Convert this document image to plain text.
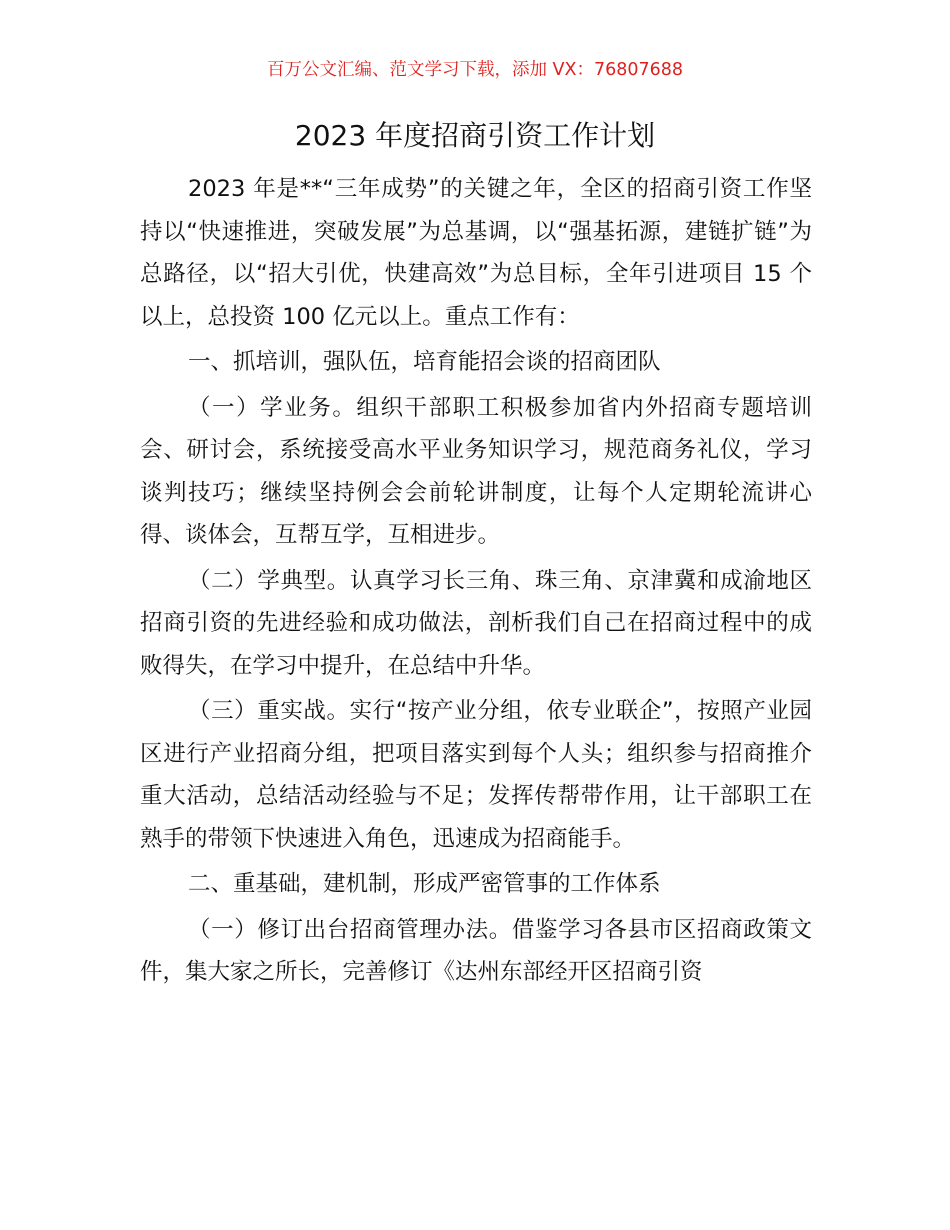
百万公文汇编、范文学习下载，添加 VX：76807688
2023 年度招商引资工作计划

2023 年是**“三年成势”的关键之年，全区的招商引资工作坚持以“快速推进，突破发展”为总基调，以“强基拓源，建链扩链”为总路径，以“招大引优，快建高效”为总目标，全年引进项目 15 个以上，总投资 100 亿元以上。重点工作有：

一、抓培训，强队伍，培育能招会谈的招商团队

（一）学业务。组织干部职工积极参加省内外招商专题培训会、研讨会，系统接受高水平业务知识学习，规范商务礼仪，学习谈判技巧；继续坚持例会会前轮讲制度，让每个人定期轮流讲心得、谈体会，互帮互学，互相进步。

（二）学典型。认真学习长三角、珠三角、京津冀和成渝地区招商引资的先进经验和成功做法，剖析我们自己在招商过程中的成败得失，在学习中提升，在总结中升华。

（三）重实战。实行“按产业分组，依专业联企”，按照产业园区进行产业招商分组，把项目落实到每个人头；组织参与招商推介重大活动，总结活动经验与不足；发挥传帮带作用，让干部职工在熟手的带领下快速进入角色，迅速成为招商能手。

二、重基础，建机制，形成严密管事的工作体系

（一）修订出台招商管理办法。借鉴学习各县市区招商政策文件，集大家之所长，完善修订《达州东部经开区招商引资
